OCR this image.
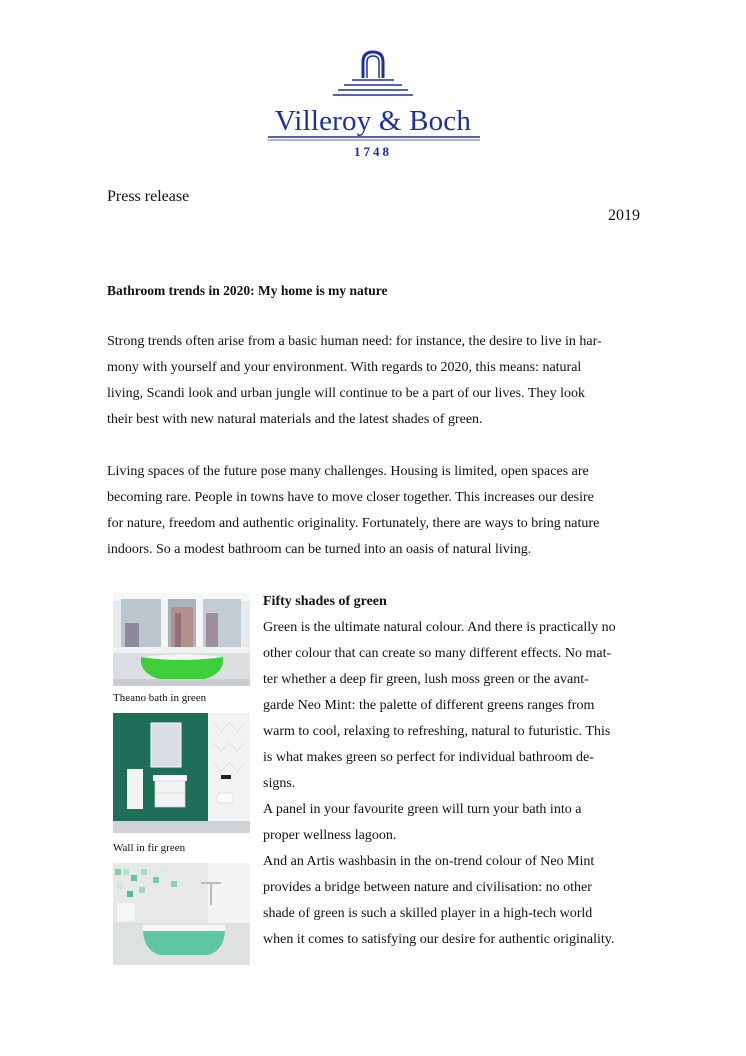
Villeroy & Boch
1748
Press release
2019
Bathroom trends in 2020: My home is my nature

Strong trends often arise from a basic human need: for instance, the desire to live in har-
mony with yourself and your environment. With regards to 2020, this means: natural
living, Scandi look and urban jungle will continue to be a part of our lives. They look
their best with new natural materials and the latest shades of green.

Living spaces of the future pose many challenges. Housing is limited, open spaces are
becoming rare. People in towns have to move closer together. This increases our desire
for nature, freedom and authentic originality. Fortunately, there are ways to bring nature
indoors. So a modest bathroom can be turned into an oasis of natural living.

Theano bath in green
Wall in fir green
Fifty shades of green
Green is the ultimate natural colour. And there is practically no
other colour that can create so many different effects. No mat-
ter whether a deep fir green, lush moss green or the avant-
garde Neo Mint: the palette of different greens ranges from
warm to cool, relaxing to refreshing, natural to futuristic. This
is what makes green so perfect for individual bathroom de-
signs.
A panel in your favourite green will turn your bath into a
proper wellness lagoon.
And an Artis washbasin in the on-trend colour of Neo Mint
provides a bridge between nature and civilisation: no other
shade of green is such a skilled player in a high-tech world
when it comes to satisfying our desire for authentic originality.
